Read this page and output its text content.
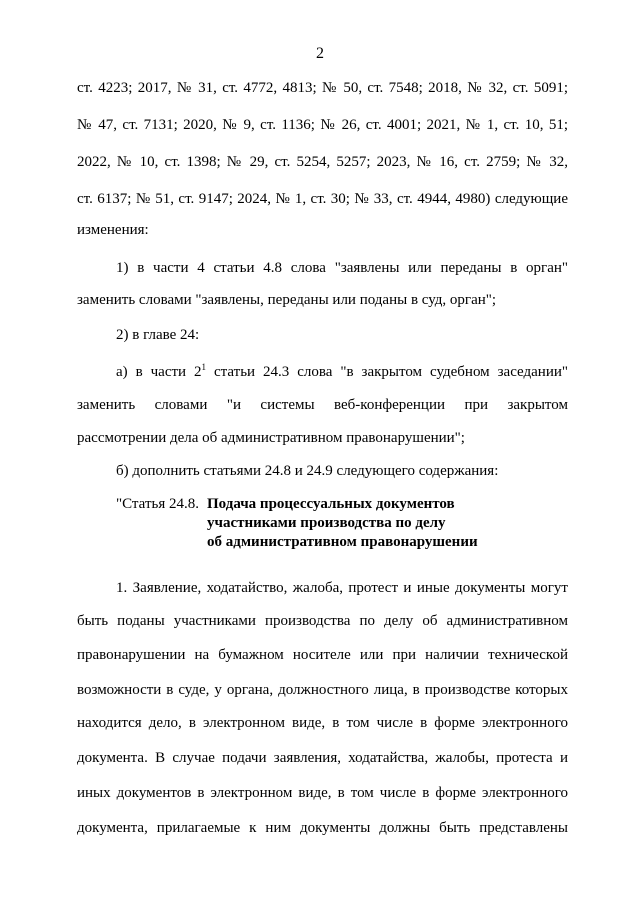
2
ст. 4223; 2017, № 31, ст. 4772, 4813; № 50, ст. 7548; 2018, № 32, ст. 5091;
№ 47, ст. 7131; 2020, № 9, ст. 1136; № 26, ст. 4001; 2021, № 1, ст. 10, 51;
2022, № 10, ст. 1398; № 29, ст. 5254, 5257; 2023, № 16, ст. 2759; № 32,
ст. 6137; № 51, ст. 9147; 2024, № 1, ст. 30; № 33, ст. 4944, 4980) следующие
изменения:
1) в части 4 статьи 4.8 слова "заявлены или переданы в орган"
заменить словами "заявлены, переданы или поданы в суд, орган";
2) в главе 24:
а) в части $2^1$ статьи 24.3 слова "в закрытом судебном заседании"
заменить словами "и системы веб-конференции при закрытом
рассмотрении дела об административном правонарушении";
б) дополнить статьями 24.8 и 24.9 следующего содержания:
"Статья 24.8. Подача процессуальных документов
участниками производства по делу
об административном правонарушении
1. Заявление, ходатайство, жалоба, протест и иные документы могут
быть поданы участниками производства по делу об административном
правонарушении на бумажном носителе или при наличии технической
возможности в суде, у органа, должностного лица, в производстве которых
находится дело, в электронном виде, в том числе в форме электронного
документа. В случае подачи заявления, ходатайства, жалобы, протеста и
иных документов в электронном виде, в том числе в форме электронного
документа, прилагаемые к ним документы должны быть представлены
